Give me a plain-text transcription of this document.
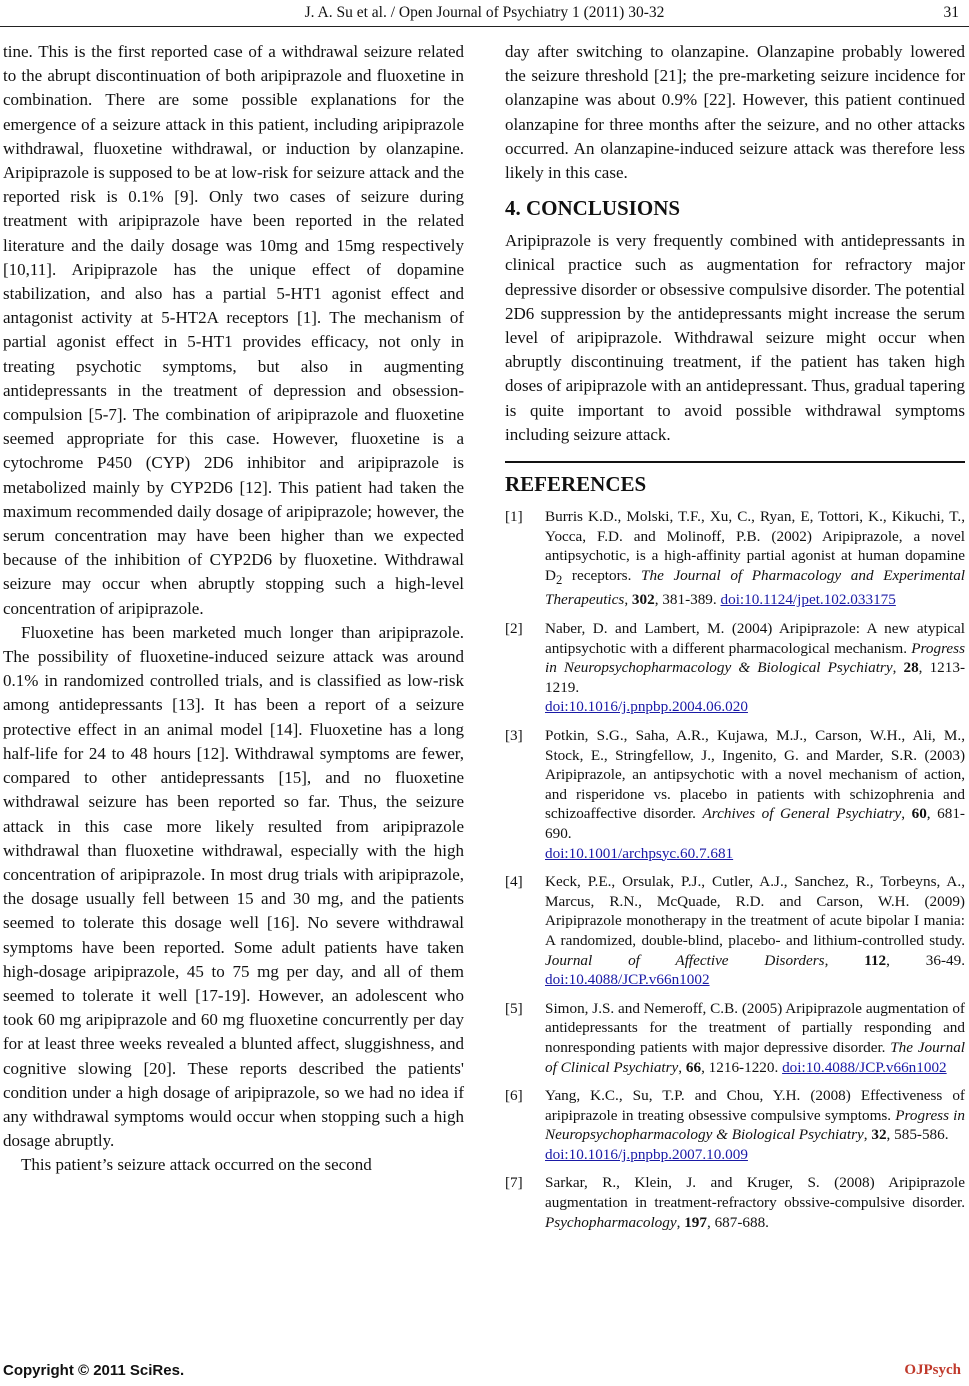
J. A. Su et al. / Open Journal of Psychiatry 1 (2011) 30-32	31

tine. This is the first reported case of a withdrawal seizure related to the abrupt discontinuation of both aripiprazole and fluoxetine in combination. There are some possible explanations for the emergence of a seizure attack in this patient, including aripiprazole withdrawal, fluoxetine withdrawal, or induction by olanzapine. Aripiprazole is supposed to be at low-risk for seizure attack and the reported risk is 0.1% [9]. Only two cases of seizure during treatment with aripiprazole have been reported in the related literature and the daily dosage was 10mg and 15mg respectively [10,11]. Aripiprazole has the unique effect of dopamine stabilization, and also has a partial 5-HT1 agonist effect and antagonist activity at 5-HT2A receptors [1]. The mechanism of partial agonist effect in 5-HT1 provides efficacy, not only in treating psychotic symptoms, but also in augmenting antidepressants in the treatment of depression and obsession-compulsion [5-7]. The combination of aripiprazole and fluoxetine seemed appropriate for this case. However, fluoxetine is a cytochrome P450 (CYP) 2D6 inhibitor and aripiprazole is metabolized mainly by CYP2D6 [12]. This patient had taken the maximum recommended daily dosage of aripiprazole; however, the serum concentration may have been higher than we expected because of the inhibition of CYP2D6 by fluoxetine. Withdrawal seizure may occur when abruptly stopping such a high-level concentration of aripiprazole.

Fluoxetine has been marketed much longer than aripiprazole. The possibility of fluoxetine-induced seizure attack was around 0.1% in randomized controlled trials, and is classified as low-risk among antidepressants [13]. It has been a report of a seizure protective effect in an animal model [14]. Fluoxetine has a long half-life for 24 to 48 hours [12]. Withdrawal symptoms are fewer, compared to other antidepressants [15], and no fluoxetine withdrawal seizure has been reported so far. Thus, the seizure attack in this case more likely resulted from aripiprazole withdrawal than fluoxetine withdrawal, especially with the high concentration of aripiprazole. In most drug trials with aripiprazole, the dosage usually fell between 15 and 30 mg, and the patients seemed to tolerate this dosage well [16]. No severe withdrawal symptoms have been reported. Some adult patients have taken high-dosage aripiprazole, 45 to 75 mg per day, and all of them seemed to tolerate it well [17-19]. However, an adolescent who took 60 mg aripiprazole and 60 mg fluoxetine concurrently per day for at least three weeks revealed a blunted affect, sluggishness, and cognitive slowing [20]. These reports described the patients' condition under a high dosage of aripiprazole, so we had no idea if any withdrawal symptoms would occur when stopping such a high dosage abruptly.

This patient’s seizure attack occurred on the second

day after switching to olanzapine. Olanzapine probably lowered the seizure threshold [21]; the pre-marketing seizure incidence for olanzapine was about 0.9% [22]. However, this patient continued olanzapine for three months after the seizure, and no other attacks occurred. An olanzapine-induced seizure attack was therefore less likely in this case.

4. CONCLUSIONS

Aripiprazole is very frequently combined with antidepressants in clinical practice such as augmentation for refractory major depressive disorder or obsessive compulsive disorder. The potential 2D6 suppression by the antidepressants might increase the serum level of aripiprazole. Withdrawal seizure might occur when abruptly discontinuing treatment, if the patient has taken high doses of aripiprazole with an antidepressant. Thus, gradual tapering is quite important to avoid possible withdrawal symptoms including seizure attack.

REFERENCES
[1] Burris K.D., Molski, T.F., Xu, C., Ryan, E, Tottori, K., Kikuchi, T., Yocca, F.D. and Molinoff, P.B. (2002) Aripiprazole, a novel antipsychotic, is a high-affinity partial agonist at human dopamine $D_2$ receptors. The Journal of Pharmacology and Experimental Therapeutics, 302, 381-389. doi:10.1124/jpet.102.033175
[2] Naber, D. and Lambert, M. (2004) Aripiprazole: A new atypical antipsychotic with a different pharmacological mechanism. Progress in Neuropsychopharmacology & Biological Psychiatry, 28, 1213-1219.
doi:10.1016/j.pnpbp.2004.06.020
[3] Potkin, S.G., Saha, A.R., Kujawa, M.J., Carson, W.H., Ali, M., Stock, E., Stringfellow, J., Ingenito, G. and Marder, S.R. (2003) Aripiprazole, an antipsychotic with a novel mechanism of action, and risperidone vs. placebo in patients with schizophrenia and schizoaffective disorder. Archives of General Psychiatry, 60, 681-690.
doi:10.1001/archpsyc.60.7.681
[4] Keck, P.E., Orsulak, P.J., Cutler, A.J., Sanchez, R., Torbeyns, A., Marcus, R.N., McQuade, R.D. and Carson, W.H. (2009) Aripiprazole monotherapy in the treatment of acute bipolar I mania: A randomized, double-blind, placebo- and lithium-controlled study. Journal of Affective Disorders, 112, 36-49. doi:10.4088/JCP.v66n1002
[5] Simon, J.S. and Nemeroff, C.B. (2005) Aripiprazole augmentation of antidepressants for the treatment of partially responding and nonresponding patients with major depressive disorder. The Journal of Clinical Psychiatry, 66, 1216-1220. doi:10.4088/JCP.v66n1002
[6] Yang, K.C., Su, T.P. and Chou, Y.H. (2008) Effectiveness of aripiprazole in treating obsessive compulsive symptoms. Progress in Neuropsychopharmacology & Biological Psychiatry, 32, 585-586.
doi:10.1016/j.pnpbp.2007.10.009
[7] Sarkar, R., Klein, J. and Kruger, S. (2008) Aripiprazole augmentation in treatment-refractory obssive-compulsive disorder. Psychopharmacology, 197, 687-688.
Copyright © 2011 SciRes.	OJPsych
